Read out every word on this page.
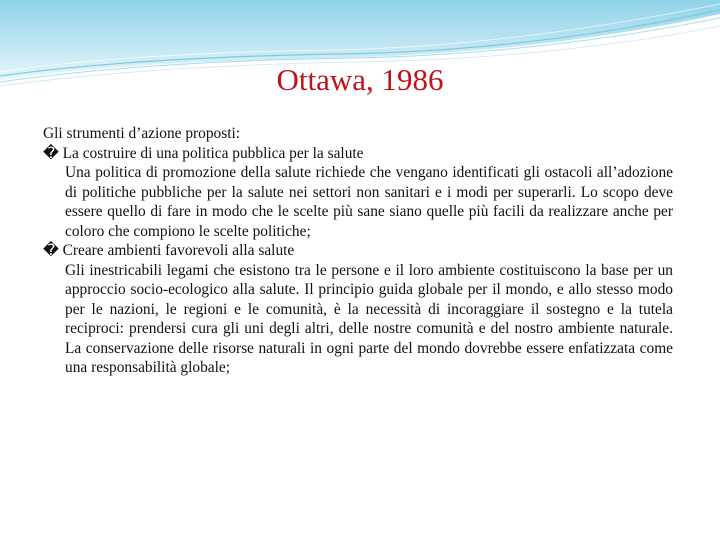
Ottawa, 1986

Gli strumenti d’azione proposti:

� La costruire di una politica pubblica per la salute

Una politica di promozione della salute richiede che vengano identificati gli ostacoli all’adozione di politiche pubbliche per la salute nei settori non sanitari e i modi per superarli. Lo scopo deve essere quello di fare in modo che le scelte più sane siano quelle più facili da realizzare anche per coloro che compiono le scelte politiche;

� Creare ambienti favorevoli alla salute

Gli inestricabili legami che esistono tra le persone e il loro ambiente costituiscono la base per un approccio socio-ecologico alla salute. Il principio guida globale per il mondo, e allo stesso modo per le nazioni, le regioni e le comunità, è la necessità di incoraggiare il sostegno e la tutela reciproci: prendersi cura gli uni degli altri, delle nostre comunità e del nostro ambiente naturale. La conservazione delle risorse naturali in ogni parte del mondo dovrebbe essere enfatizzata come una responsabilità globale;
